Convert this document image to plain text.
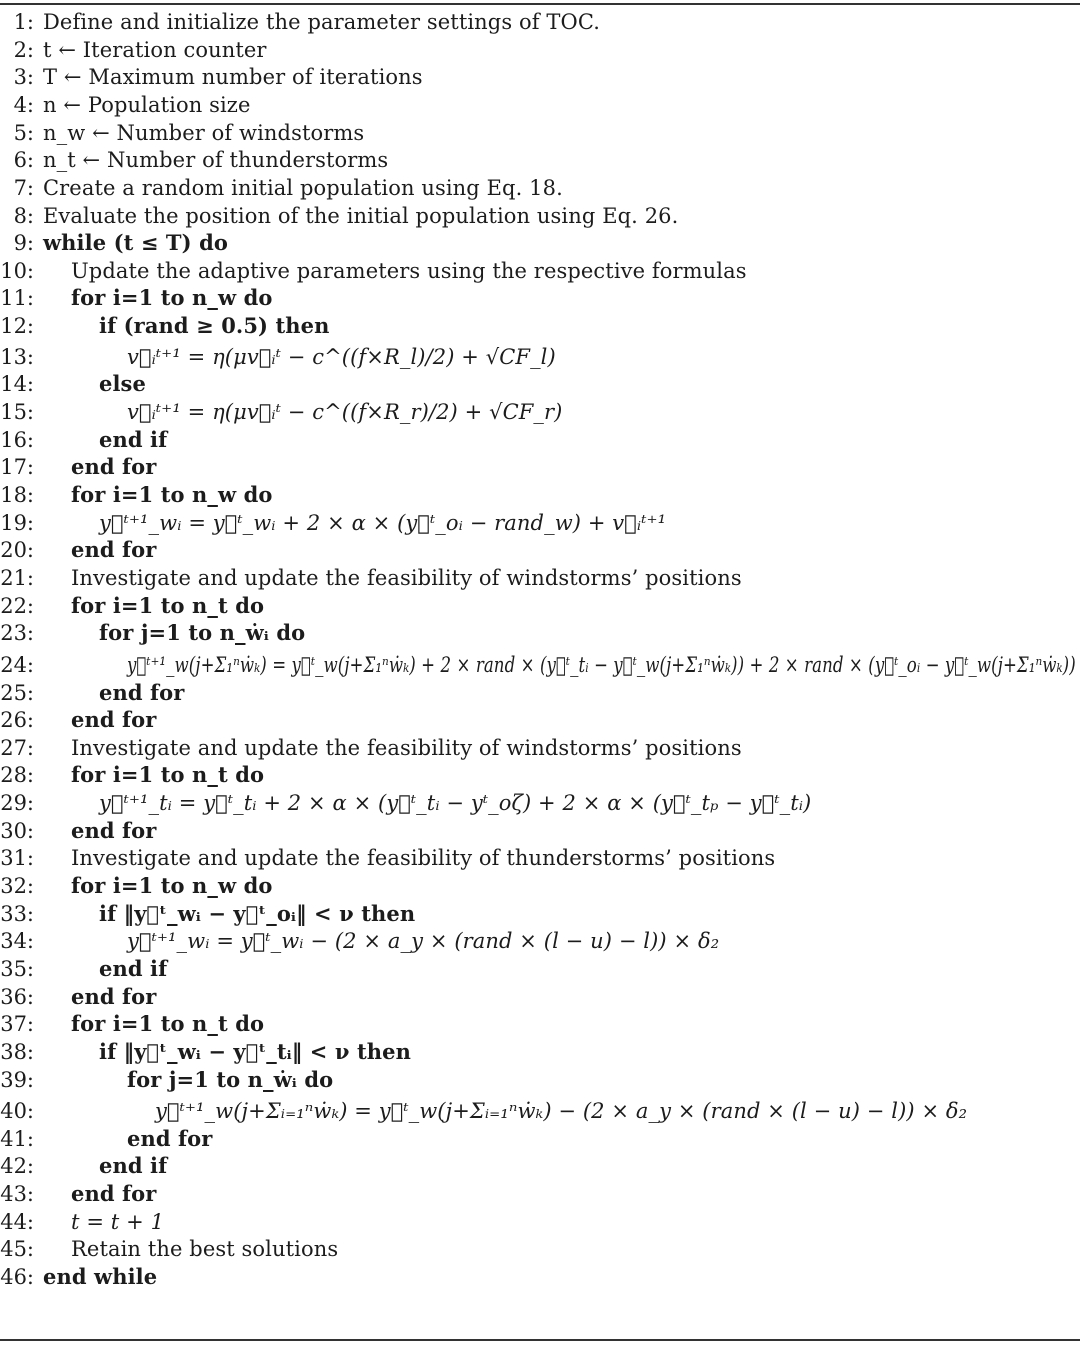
1: Define and initialize the parameter settings of TOC.
2: t ← Iteration counter
3: T ← Maximum number of iterations
4: n ← Population size
5: n_w ← Number of windstorms
6: n_t ← Number of thunderstorms
7: Create a random initial population using Eq. 18.
8: Evaluate the position of the initial population using Eq. 26.
9: while (t ≤ T) do
10: Update the adaptive parameters using the respective formulas
11: for i=1 to n_w do
12:	if (rand ≥ 0.5) then
13:	v⃗ᵢᵗ⁺¹ = η(μv⃗ᵢᵗ − c^((f×R_l)/2) + √CF_l)
14:	else
15:	v⃗ᵢᵗ⁺¹ = η(μv⃗ᵢᵗ − c^((f×R_r)/2) + √CF_r)
16:	end if
17: end for
18: for i=1 to n_w do
19:	y⃗ᵗ⁺¹_wᵢ = y⃗ᵗ_wᵢ + 2 × α × (y⃗ᵗ_oᵢ − rand_w) + v⃗ᵢᵗ⁺¹
20: end for
21: Investigate and update the feasibility of windstorms’ positions
22: for i=1 to n_t do
23:	for j=1 to n_ẇᵢ do
24:	y⃗ᵗ⁺¹_w(j+Σ₁ⁿẇₖ) = y⃗ᵗ_w(j+Σ₁ⁿẇₖ) + 2 × rand × (y⃗ᵗ_tᵢ − y⃗ᵗ_w(j+Σ₁ⁿẇₖ)) + 2 × rand × (y⃗ᵗ_oᵢ − y⃗ᵗ_w(j+Σ₁ⁿẇₖ))
25:	end for
26: end for
27: Investigate and update the feasibility of windstorms’ positions
28: for i=1 to n_t do
29:	y⃗ᵗ⁺¹_tᵢ = y⃗ᵗ_tᵢ + 2 × α × (y⃗ᵗ_tᵢ − yᵗ_oζ) + 2 × α × (y⃗ᵗ_tₚ − y⃗ᵗ_tᵢ)
30: end for
31: Investigate and update the feasibility of thunderstorms’ positions
32: for i=1 to n_w do
33:	if ‖y⃗ᵗ_wᵢ − y⃗ᵗ_oᵢ‖ < ν then
34:	y⃗ᵗ⁺¹_wᵢ = y⃗ᵗ_wᵢ − (2 × a_y × (rand × (l − u) − l)) × δ₂
35:	end if
36: end for
37: for i=1 to n_t do
38:	if ‖y⃗ᵗ_wᵢ − y⃗ᵗ_tᵢ‖ < ν then
39:	for j=1 to n_ẇᵢ do
40:	y⃗ᵗ⁺¹_w(j+Σᵢ₌₁ⁿẇₖ) = y⃗ᵗ_w(j+Σᵢ₌₁ⁿẇₖ) − (2 × a_y × (rand × (l − u) − l)) × δ₂
41:	end for
42:	end if
43: end for
44: t = t + 1
45: Retain the best solutions
46: end while
